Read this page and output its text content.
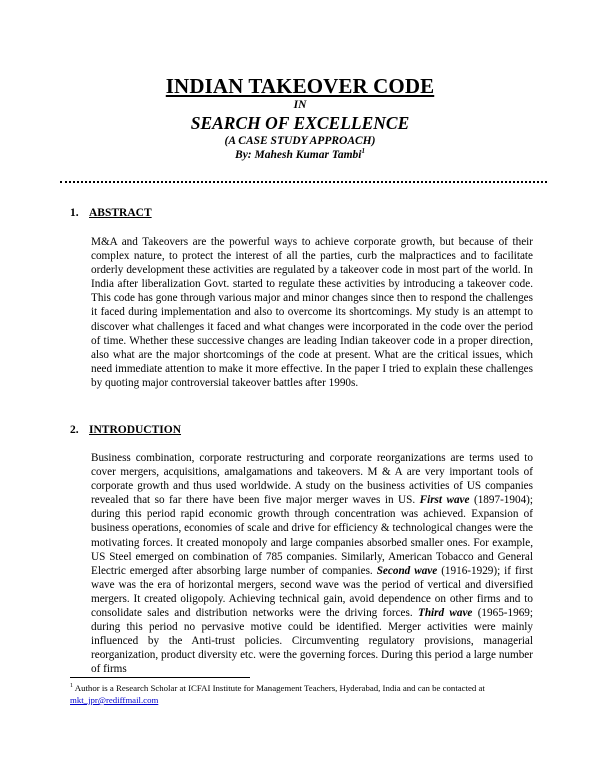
INDIAN TAKEOVER CODE
IN
SEARCH OF EXCELLENCE
(A CASE STUDY APPROACH)
By: Mahesh Kumar Tambi$^1$
1. ABSTRACT

M&A and Takeovers are the powerful ways to achieve corporate growth, but because of their complex nature, to protect the interest of all the parties, curb the malpractices and to facilitate orderly development these activities are regulated by a takeover code in most part of the world. In India after liberalization Govt. started to regulate these activities by introducing a takeover code. This code has gone through various major and minor changes since then to respond the challenges it faced during implementation and also to overcome its shortcomings. My study is an attempt to discover what challenges it faced and what changes were incorporated in the code over the period of time. Whether these successive changes are leading Indian takeover code in a proper direction, also what are the major shortcomings of the code at present. What are the critical issues, which need immediate attention to make it more effective. In the paper I tried to explain these challenges by quoting major controversial takeover battles after 1990s.

2. INTRODUCTION

Business combination, corporate restructuring and corporate reorganizations are terms used to cover mergers, acquisitions, amalgamations and takeovers. M & A are very important tools of corporate growth and thus used worldwide. A study on the business activities of US companies revealed that so far there have been five major merger waves in US. First wave (1897-1904); during this period rapid economic growth through concentration was achieved. Expansion of business operations, economies of scale and drive for efficiency & technological changes were the motivating forces. It created monopoly and large companies absorbed smaller ones. For example, US Steel emerged on combination of 785 companies. Similarly, American Tobacco and General Electric emerged after absorbing large number of companies. Second wave (1916-1929); if first wave was the era of horizontal mergers, second wave was the period of vertical and diversified mergers. It created oligopoly. Achieving technical gain, avoid dependence on other firms and to consolidate sales and distribution networks were the driving forces. Third wave (1965-1969; during this period no pervasive motive could be identified. Merger activities were mainly influenced by the Anti-trust policies. Circumventing regulatory provisions, managerial reorganization, product diversity etc. were the governing forces. During this period a large number of firms

$^1$ Author is a Research Scholar at ICFAI Institute for Management Teachers, Hyderabad, India and can be contacted at mkt_jpr@rediffmail.com
